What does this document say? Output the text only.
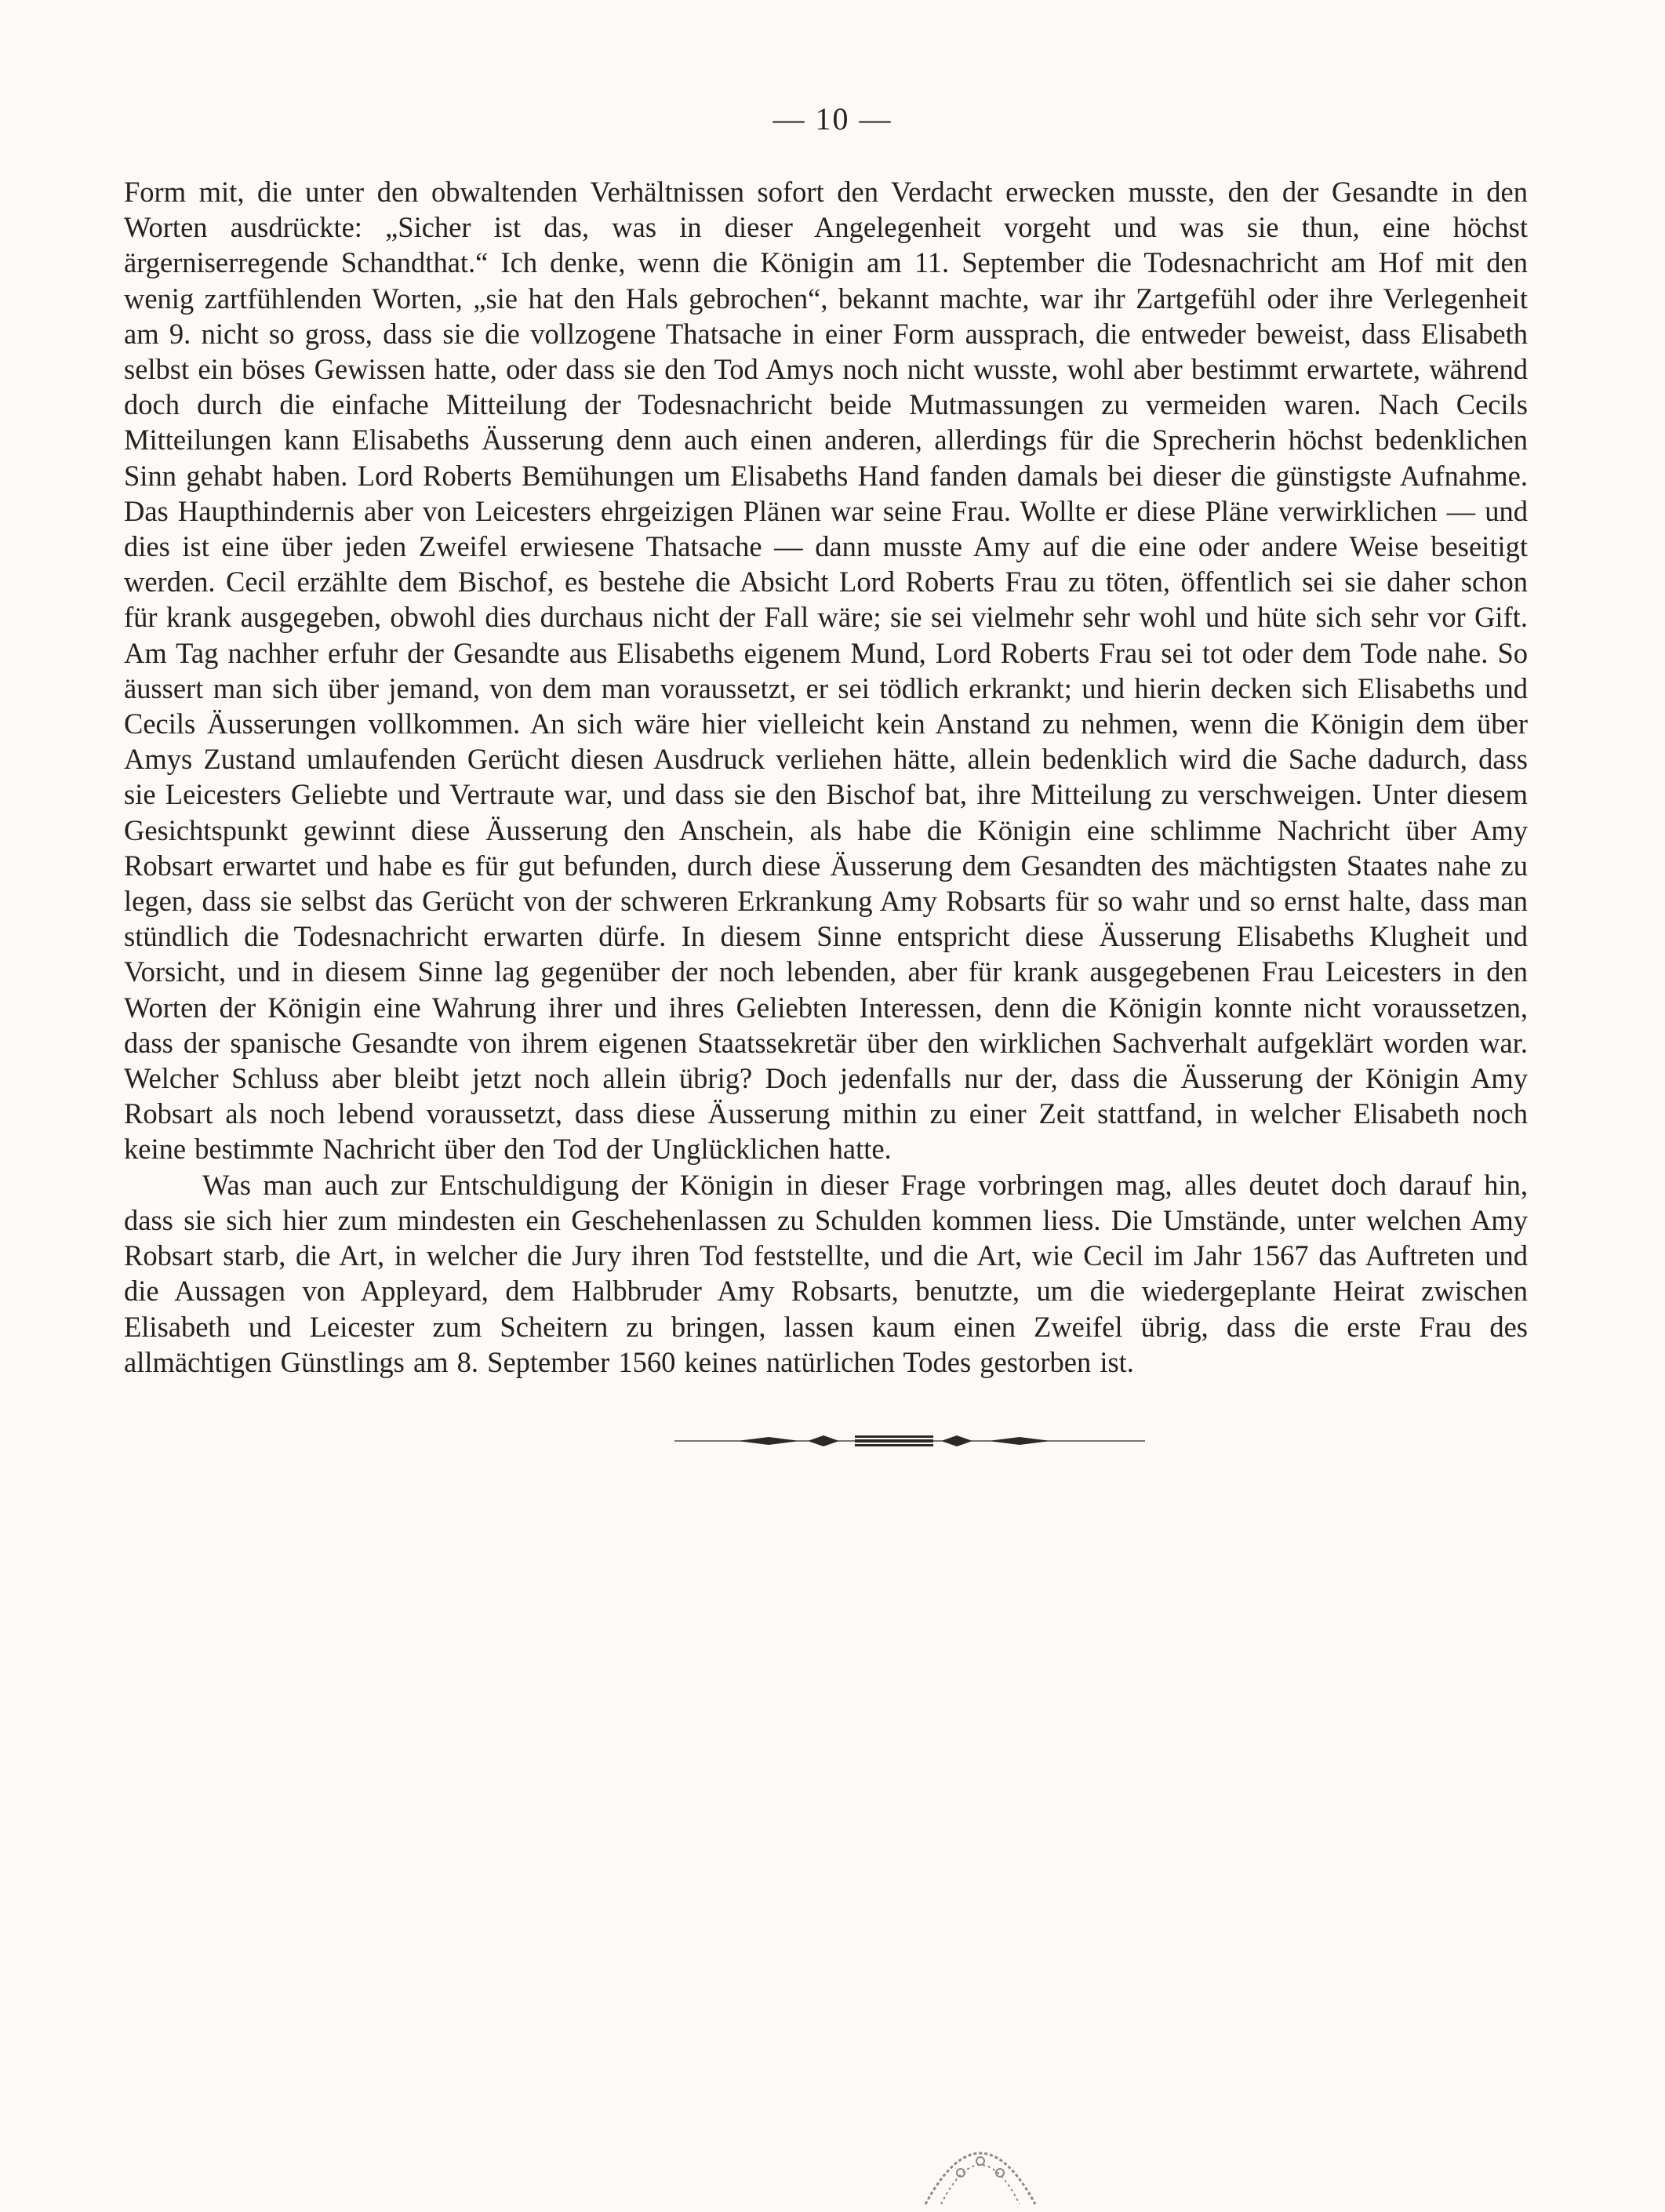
— 10 —

Form mit, die unter den obwaltenden Verhältnissen sofort den Verdacht erwecken musste, den der Gesandte in den Worten ausdrückte: „Sicher ist das, was in dieser Angelegenheit vorgeht und was sie thun, eine höchst ärgerniserregende Schandthat.“ Ich denke, wenn die Königin am 11. September die Todesnachricht am Hof mit den wenig zartfühlenden Worten, „sie hat den Hals gebrochen“, bekannt machte, war ihr Zartgefühl oder ihre Verlegenheit am 9. nicht so gross, dass sie die vollzogene Thatsache in einer Form aussprach, die entweder beweist, dass Elisabeth selbst ein böses Gewissen hatte, oder dass sie den Tod Amys noch nicht wusste, wohl aber bestimmt erwartete, während doch durch die einfache Mitteilung der Todesnachricht beide Mutmassungen zu vermeiden waren. Nach Cecils Mitteilungen kann Elisabeths Äusserung denn auch einen anderen, allerdings für die Sprecherin höchst bedenklichen Sinn gehabt haben. Lord Roberts Bemühungen um Elisabeths Hand fanden damals bei dieser die günstigste Aufnahme. Das Haupthindernis aber von Leicesters ehrgeizigen Plänen war seine Frau. Wollte er diese Pläne verwirklichen — und dies ist eine über jeden Zweifel erwiesene Thatsache — dann musste Amy auf die eine oder andere Weise beseitigt werden. Cecil erzählte dem Bischof, es bestehe die Absicht Lord Roberts Frau zu töten, öffentlich sei sie daher schon für krank ausgegeben, obwohl dies durchaus nicht der Fall wäre; sie sei vielmehr sehr wohl und hüte sich sehr vor Gift. Am Tag nachher erfuhr der Gesandte aus Elisabeths eigenem Mund, Lord Roberts Frau sei tot oder dem Tode nahe. So äussert man sich über jemand, von dem man voraussetzt, er sei tödlich erkrankt; und hierin decken sich Elisabeths und Cecils Äusserungen vollkommen. An sich wäre hier vielleicht kein Anstand zu nehmen, wenn die Königin dem über Amys Zustand umlaufenden Gerücht diesen Ausdruck verliehen hätte, allein bedenklich wird die Sache dadurch, dass sie Leicesters Geliebte und Vertraute war, und dass sie den Bischof bat, ihre Mitteilung zu verschweigen. Unter diesem Gesichtspunkt gewinnt diese Äusserung den Anschein, als habe die Königin eine schlimme Nachricht über Amy Robsart erwartet und habe es für gut befunden, durch diese Äusserung dem Gesandten des mächtigsten Staates nahe zu legen, dass sie selbst das Gerücht von der schweren Erkrankung Amy Robsarts für so wahr und so ernst halte, dass man stündlich die Todesnachricht erwarten dürfe. In diesem Sinne entspricht diese Äusserung Elisabeths Klugheit und Vorsicht, und in diesem Sinne lag gegenüber der noch lebenden, aber für krank ausgegebenen Frau Leicesters in den Worten der Königin eine Wahrung ihrer und ihres Geliebten Interessen, denn die Königin konnte nicht voraussetzen, dass der spanische Gesandte von ihrem eigenen Staatssekretär über den wirklichen Sachverhalt aufgeklärt worden war. Welcher Schluss aber bleibt jetzt noch allein übrig? Doch jedenfalls nur der, dass die Äusserung der Königin Amy Robsart als noch lebend voraussetzt, dass diese Äusserung mithin zu einer Zeit stattfand, in welcher Elisabeth noch keine bestimmte Nachricht über den Tod der Unglücklichen hatte.

Was man auch zur Entschuldigung der Königin in dieser Frage vorbringen mag, alles deutet doch darauf hin, dass sie sich hier zum mindesten ein Geschehenlassen zu Schulden kommen liess. Die Umstände, unter welchen Amy Robsart starb, die Art, in welcher die Jury ihren Tod feststellte, und die Art, wie Cecil im Jahr 1567 das Auftreten und die Aussagen von Appleyard, dem Halbbruder Amy Robsarts, benutzte, um die wiedergeplante Heirat zwischen Elisabeth und Leicester zum Scheitern zu bringen, lassen kaum einen Zweifel übrig, dass die erste Frau des allmächtigen Günstlings am 8. September 1560 keines natürlichen Todes gestorben ist.
